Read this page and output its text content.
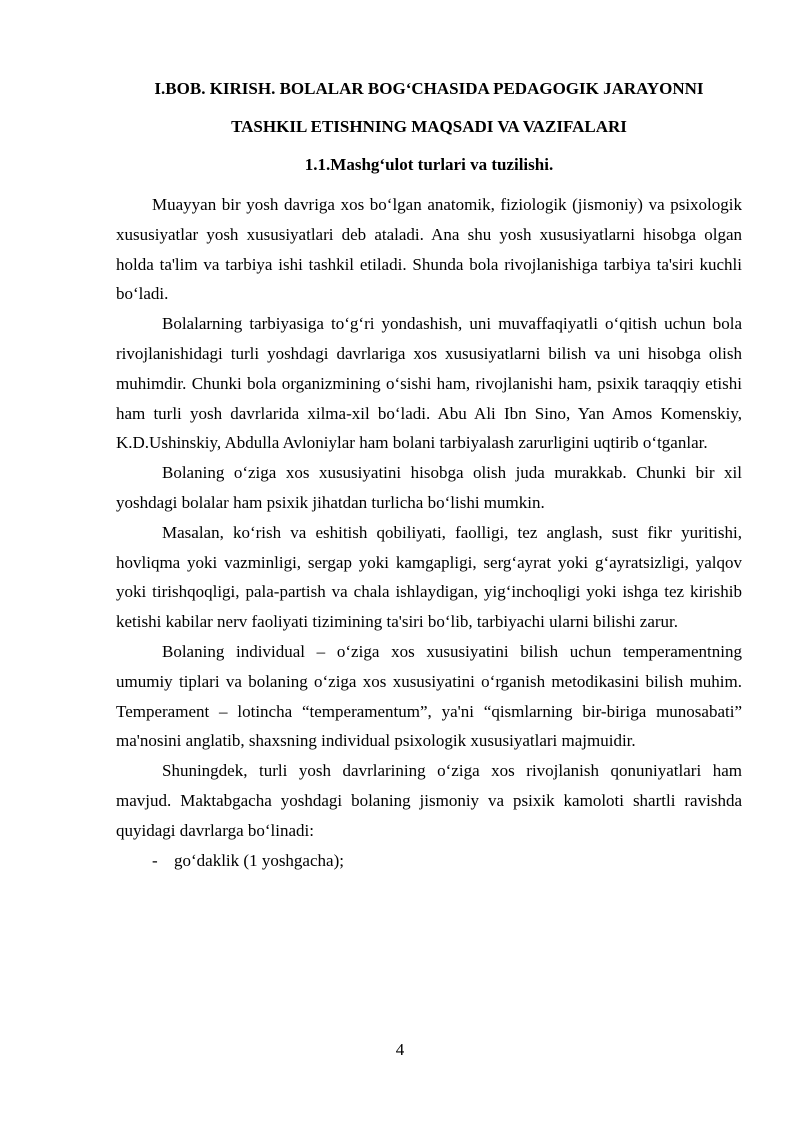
I.BOB. KIRISH. BOLALAR BOG‘CHASIDA PEDAGOGIK JARAYONNI

TASHKIL ETISHNING MAQSADI VA VAZIFALARI

1.1.Mashg‘ulot turlari va tuzilishi.

Muayyan bir yosh davriga xos bo‘lgan anatomik, fiziologik (jismoniy) va psixologik xususiyatlar yosh xususiyatlari deb ataladi. Ana shu yosh xususiyatlarni hisobga olgan holda ta'lim va tarbiya ishi tashkil etiladi. Shunda bola rivojlanishiga tarbiya ta'siri kuchli bo‘ladi.

Bolalarning tarbiyasiga to‘g‘ri yondashish, uni muvaffaqiyatli o‘qitish uchun bola rivojlanishidagi turli yoshdagi davrlariga xos xususiyatlarni bilish va uni hisobga olish muhimdir. Chunki bola organizmining o‘sishi ham, rivojlanishi ham, psixik taraqqiy etishi ham turli yosh davrlarida xilma-xil bo‘ladi. Abu Ali Ibn Sino, Yan Amos Komenskiy, K.D.Ushinskiy, Abdulla Avloniylar ham bolani tarbiyalash zarurligini uqtirib o‘tganlar.

Bolaning o‘ziga xos xususiyatini hisobga olish juda murakkab. Chunki bir xil yoshdagi bolalar ham psixik jihatdan turlicha bo‘lishi mumkin.

Masalan, ko‘rish va eshitish qobiliyati, faolligi, tez anglash, sust fikr yuritishi, hovliqma yoki vazminligi, sergap yoki kamgapligi, serg‘ayrat yoki g‘ayratsizligi, yalqov yoki tirishqoqligi, pala-partish va chala ishlaydigan, yig‘inchoqligi yoki ishga tez kirishib ketishi kabilar nerv faoliyati tizimining ta'siri bo‘lib, tarbiyachi ularni bilishi zarur.

Bolaning individual – o‘ziga xos xususiyatini bilish uchun temperamentning umumiy tiplari va bolaning o‘ziga xos xususiyatini o‘rganish metodikasini bilish muhim. Temperament – lotincha “temperamentum”, ya'ni “qismlarning bir-biriga munosabati” ma'nosini anglatib, shaxsning individual psixologik xususiyatlari majmuidir.

Shuningdek, turli yosh davrlarining o‘ziga xos rivojlanish qonuniyatlari ham mavjud. Maktabgacha yoshdagi bolaning jismoniy va psixik kamoloti shartli ravishda quyidagi davrlarga bo‘linadi:

- go‘daklik (1 yoshgacha);
4
